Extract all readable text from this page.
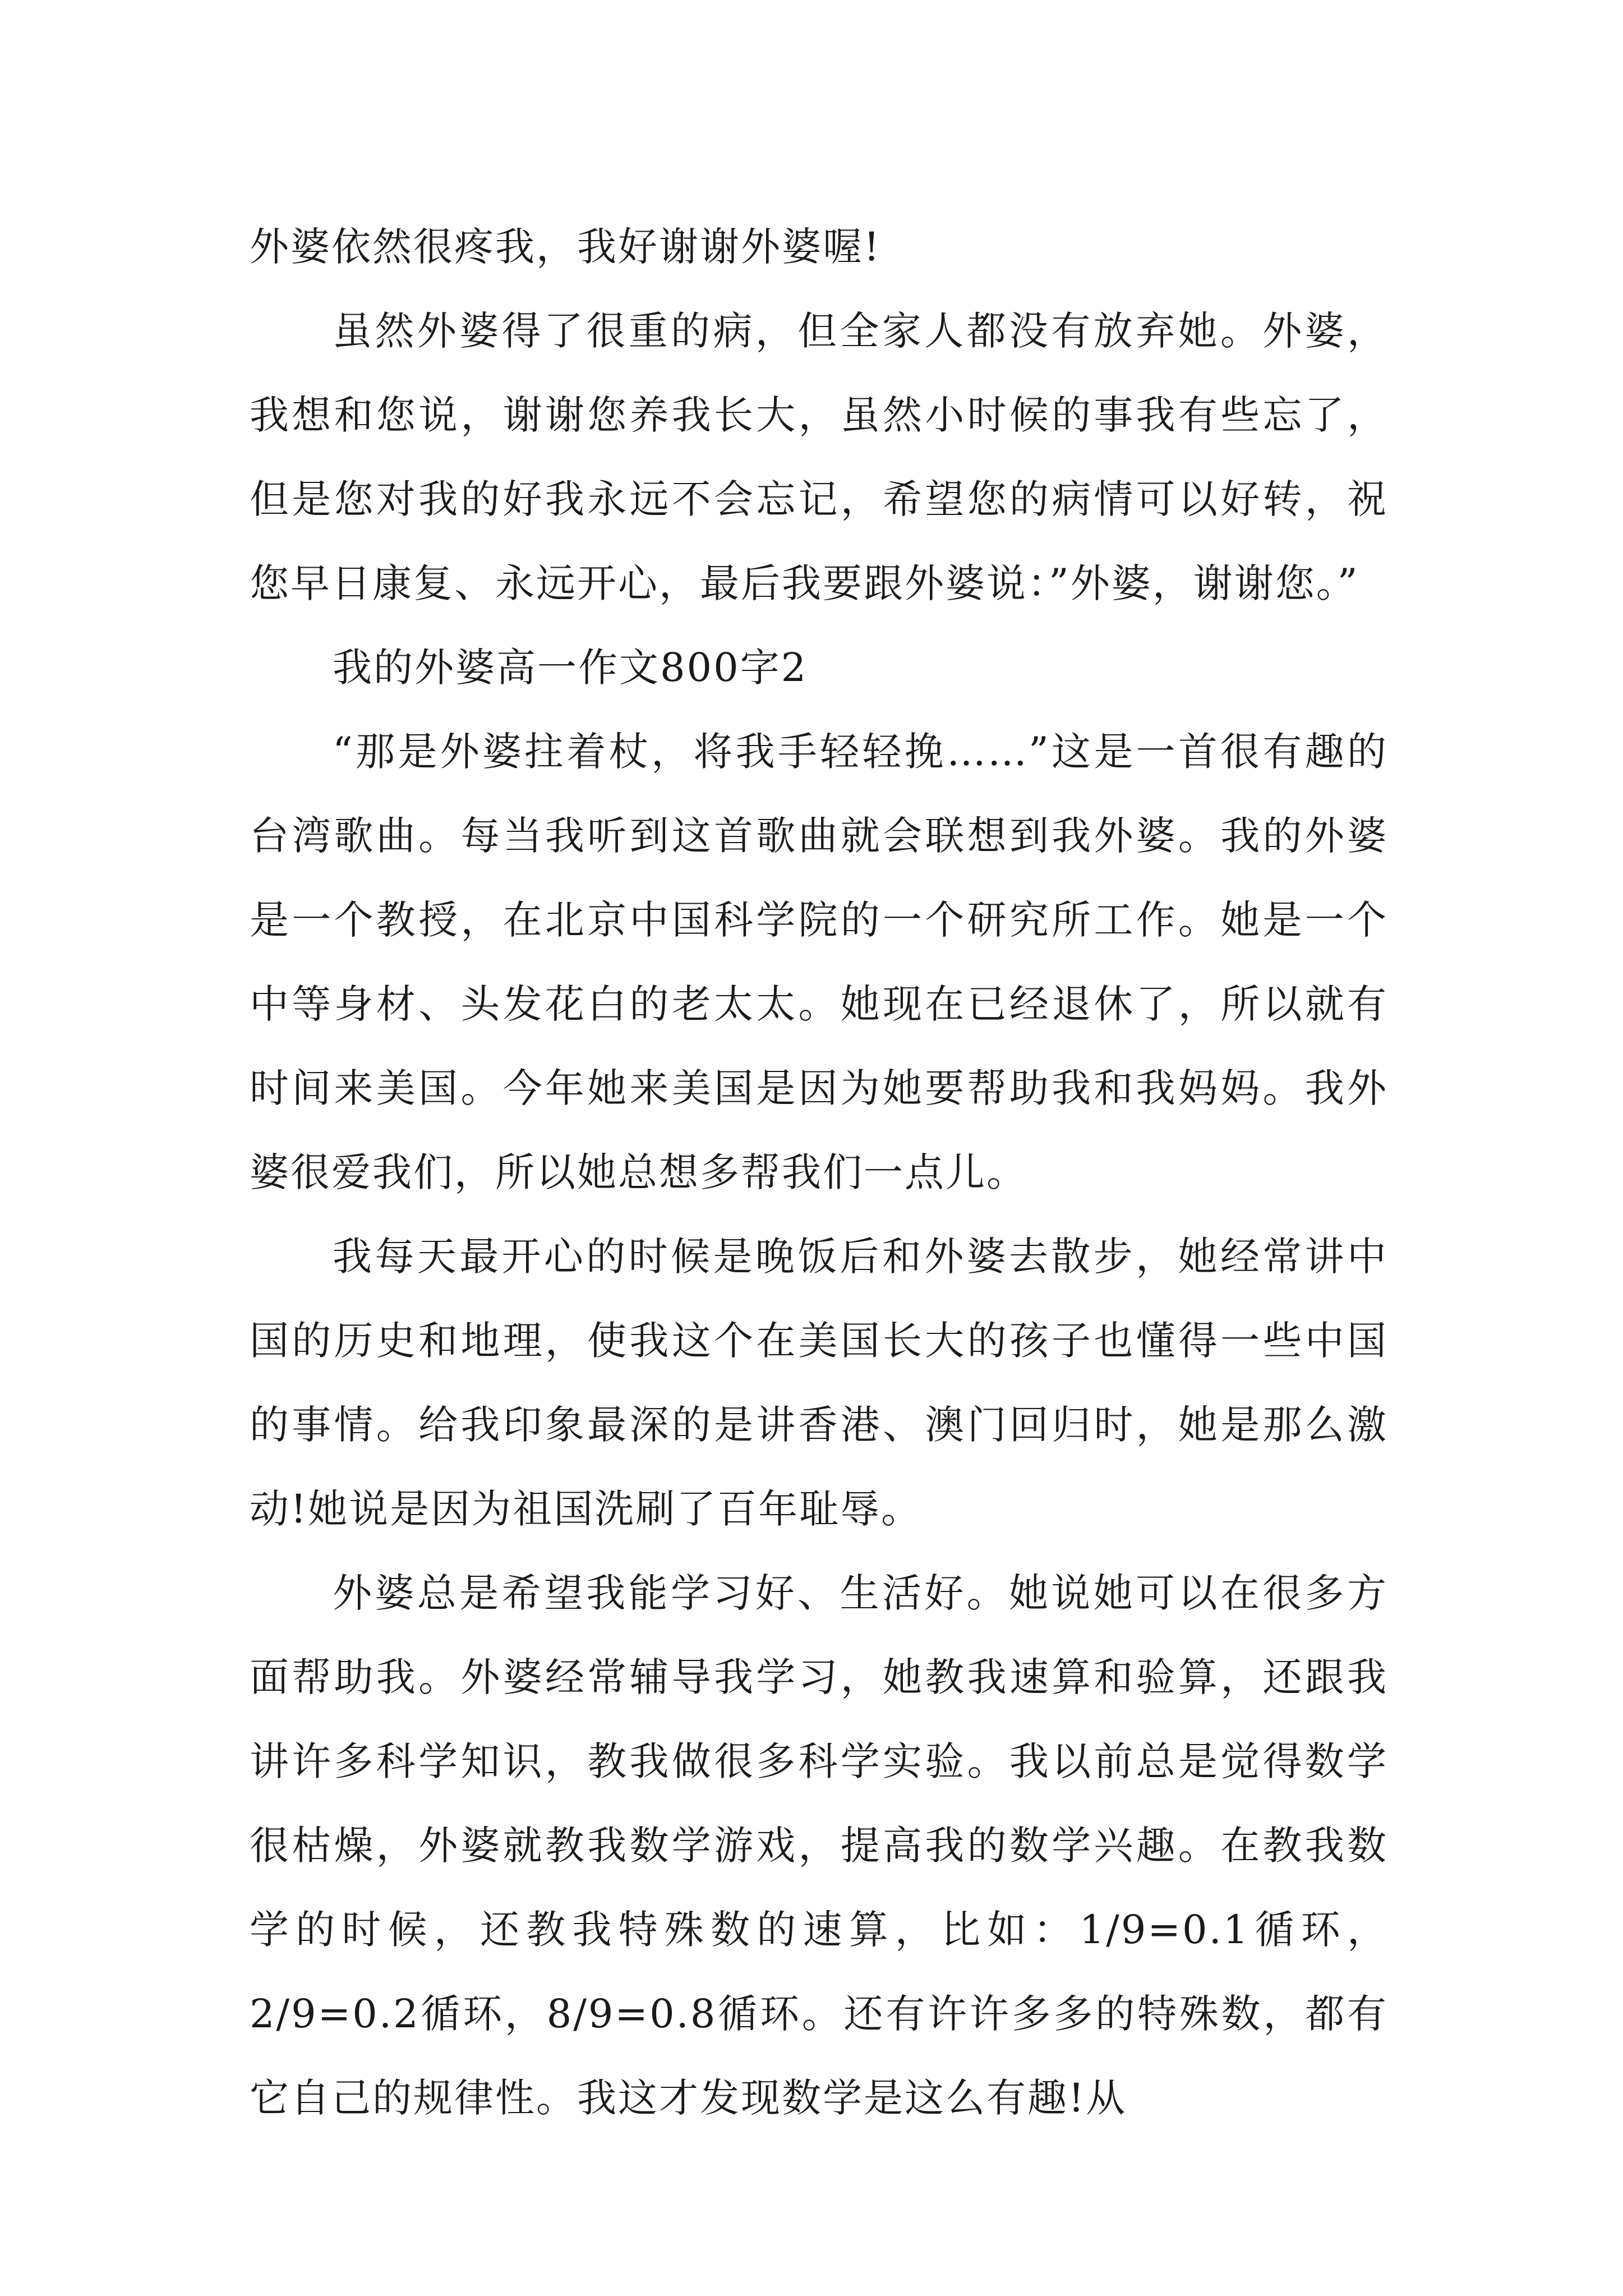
外婆依然很疼我，我好谢谢外婆喔!

虽然外婆得了很重的病，但全家人都没有放弃她。外婆，我想和您说，谢谢您养我长大，虽然小时候的事我有些忘了，但是您对我的好我永远不会忘记，希望您的病情可以好转，祝您早日康复、永远开心，最后我要跟外婆说：”外婆，谢谢您。”

我的外婆高一作文800字2

“那是外婆拄着杖，将我手轻轻挽……”这是一首很有趣的台湾歌曲。每当我听到这首歌曲就会联想到我外婆。我的外婆是一个教授，在北京中国科学院的一个研究所工作。她是一个中等身材、头发花白的老太太。她现在已经退休了，所以就有时间来美国。今年她来美国是因为她要帮助我和我妈妈。我外婆很爱我们，所以她总想多帮我们一点儿。

我每天最开心的时候是晚饭后和外婆去散步，她经常讲中国的历史和地理，使我这个在美国长大的孩子也懂得一些中国的事情。给我印象最深的是讲香港、澳门回归时，她是那么激动!她说是因为祖国洗刷了百年耻辱。

外婆总是希望我能学习好、生活好。她说她可以在很多方面帮助我。外婆经常辅导我学习，她教我速算和验算，还跟我讲许多科学知识，教我做很多科学实验。我以前总是觉得数学很枯燥，外婆就教我数学游戏，提高我的数学兴趣。在教我数学的时候，还教我特殊数的速算，比如：1/9=0.1循环，2/9=0.2循环，8/9=0.8循环。还有许许多多的特殊数，都有它自己的规律性。我这才发现数学是这么有趣!从
